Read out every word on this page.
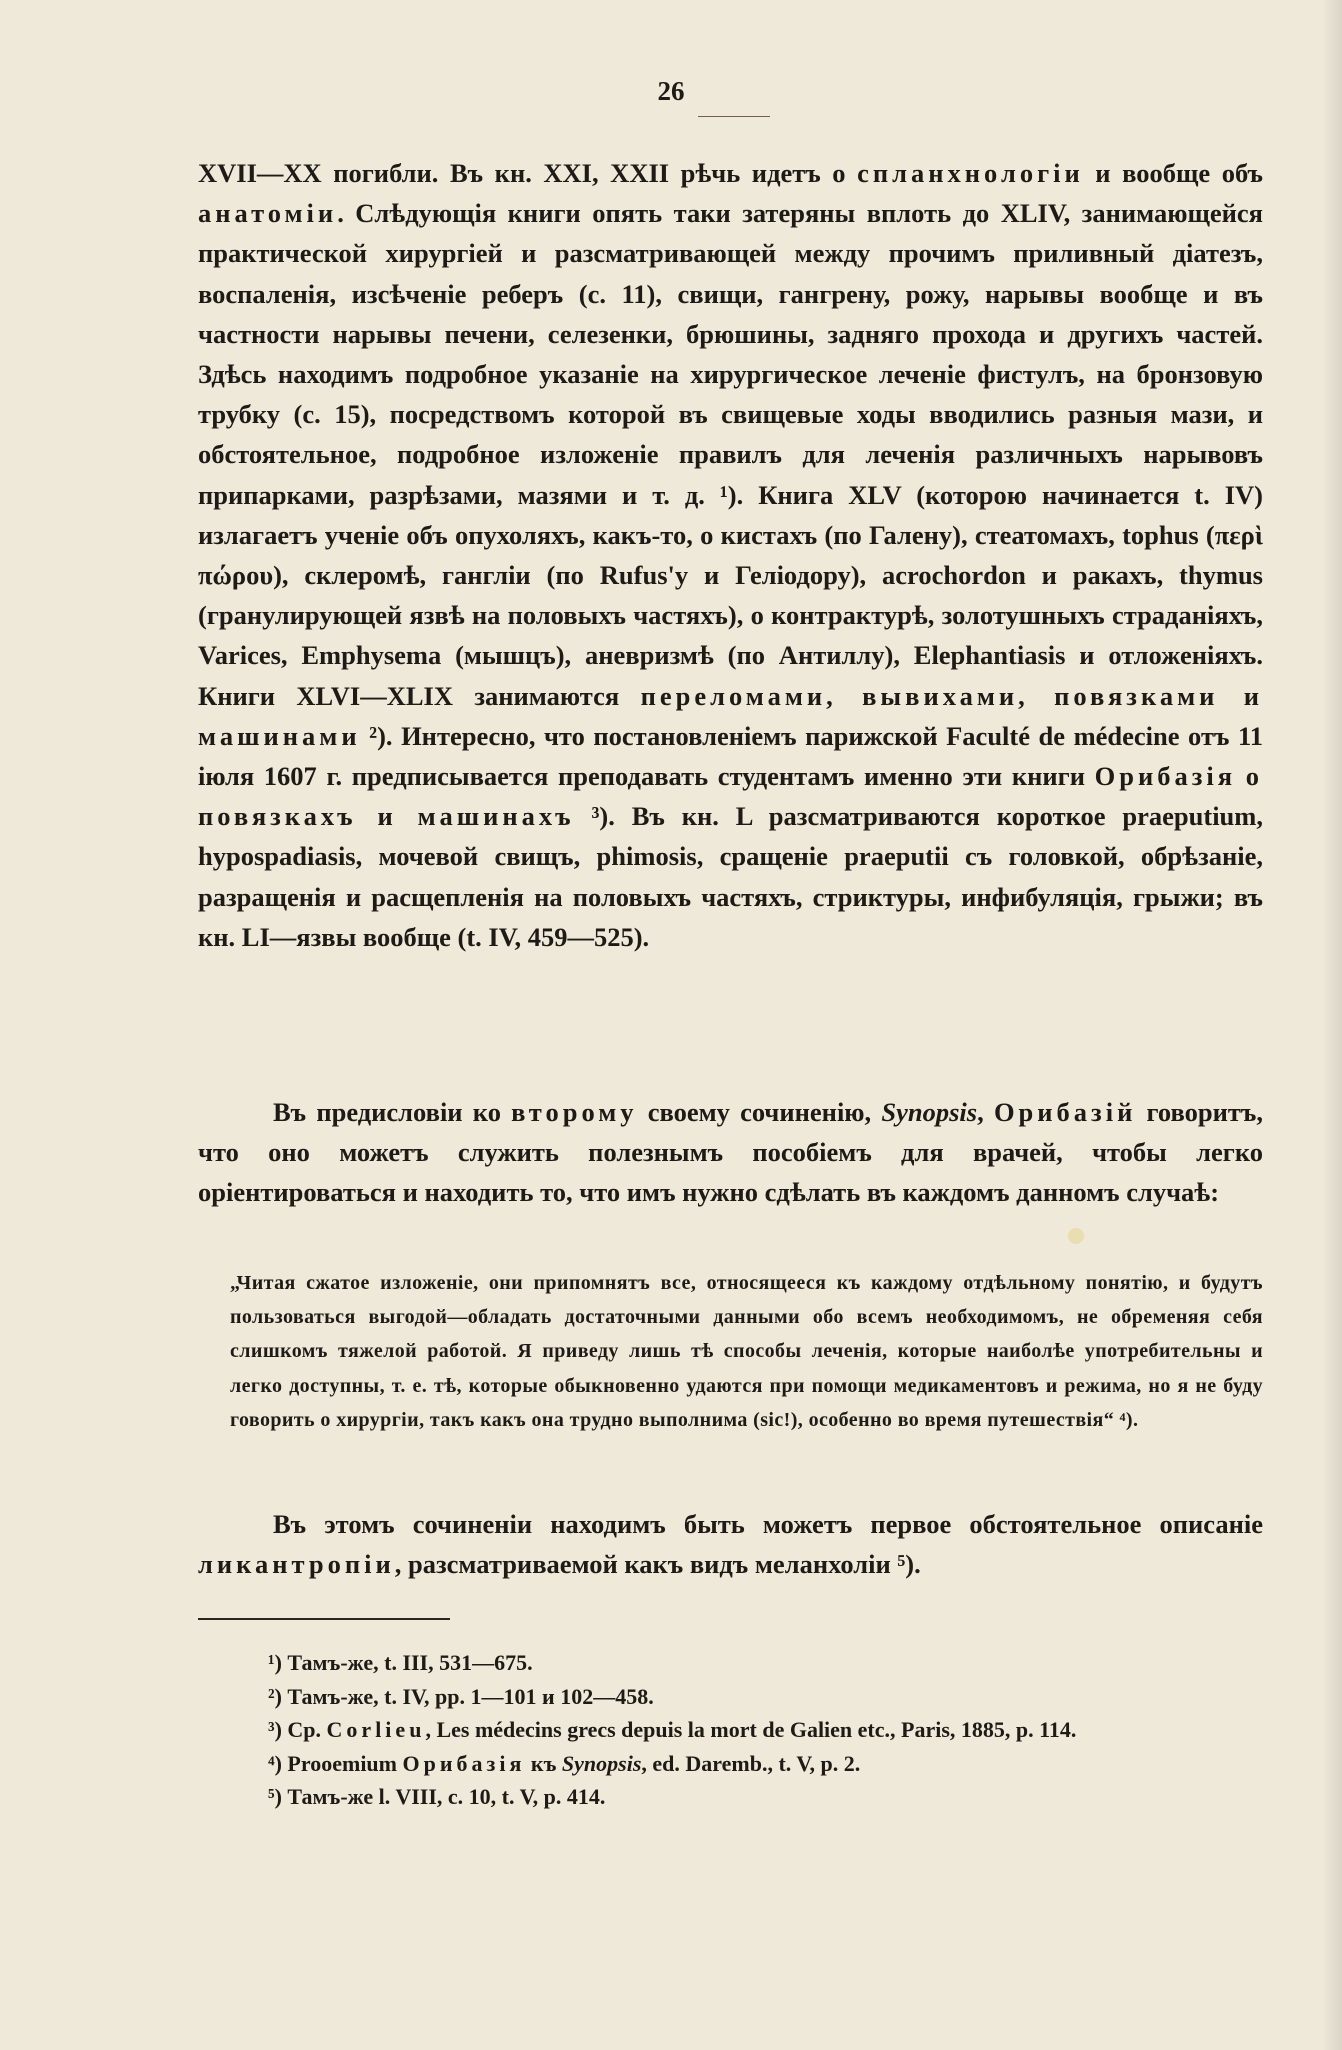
26

XVII—XX погибли. Въ кн. XXI, XXII рѣчь идетъ о спланхнологіи и вообще объ анатоміи. Слѣдующія книги опять таки затеряны вплоть до XLIV, занимающейся практической хирургіей и разсматривающей между прочимъ приливный діатезъ, воспаленія, изсѣченіе реберъ (с. 11), свищи, гангрену, рожу, нарывы вообще и въ частности нарывы печени, селезенки, брюшины, задняго прохода и другихъ частей. Здѣсь находимъ подробное указаніе на хирургическое леченіе фистулъ, на бронзовую трубку (с. 15), посредствомъ которой въ свищевые ходы вводились разныя мази, и обстоятельное, подробное изложеніе правилъ для леченія различныхъ нарывовъ припарками, разрѣзами, мазями и т. д. ¹). Книга XLV (которою начинается t. IV) излагаетъ ученіе объ опухоляхъ, какъ-то, о кистахъ (по Галену), стеатомахъ, tophus (περὶ πώρου), склеромѣ, гангліи (по Rufus'у и Геліодору), acrochordon и ракахъ, thymus (гранулирующей язвѣ на половыхъ частяхъ), о контрактурѣ, золотушныхъ страданіяхъ, Varices, Emphysema (мышцъ), аневризмѣ (по Антиллу), Elephantiasis и отложеніяхъ. Книги XLVI—XLIX занимаются переломами, вывихами, повязками и машинами ²). Интересно, что постановленіемъ парижской Faculté de médecine отъ 11 іюля 1607 г. предписывается преподавать студентамъ именно эти книги Орибазія о повязкахъ и машинахъ ³). Въ кн. L разсматриваются короткое praeputium, hypospadiasis, мочевой свищъ, phimosis, сращеніе praeputii съ головкой, обрѣзаніе, разращенія и расщепленія на половыхъ частяхъ, стриктуры, инфибуляція, грыжи; въ кн. LI—язвы вообще (t. IV, 459—525).

Въ предисловіи ко второму своему сочиненію, Synopsis, Орибазій говоритъ, что оно можетъ служить полезнымъ пособіемъ для врачей, чтобы легко оріентироваться и находить то, что имъ нужно сдѣлать въ каждомъ данномъ случаѣ:

„Читая сжатое изложеніе, они припомнятъ все, относящееся къ каждому отдѣльному понятію, и будутъ пользоваться выгодой—обладать достаточными данными обо всемъ необходимомъ, не обременяя себя слишкомъ тяжелой работой. Я приведу лишь тѣ способы леченія, которые наиболѣе употребительны и легко доступны, т. е. тѣ, которые обыкновенно удаются при помощи медикаментовъ и режима, но я не буду говорить о хирургіи, такъ какъ она трудно выполнима (sic!), особенно во время путешествія“ ⁴).

Въ этомъ сочиненіи находимъ быть можетъ первое обстоятельное описаніе ликантропіи, разсматриваемой какъ видъ меланхоліи ⁵).

¹) Тамъ-же, t. III, 531—675.

²) Тамъ-же, t. IV, pp. 1—101 и 102—458.

³) Ср. Corlieu, Les médecins grecs depuis la mort de Galien etc., Paris, 1885, p. 114.

⁴) Prooemium Орибазія къ Synopsis, ed. Daremb., t. V, p. 2.

⁵) Тамъ-же l. VIII, c. 10, t. V, p. 414.
